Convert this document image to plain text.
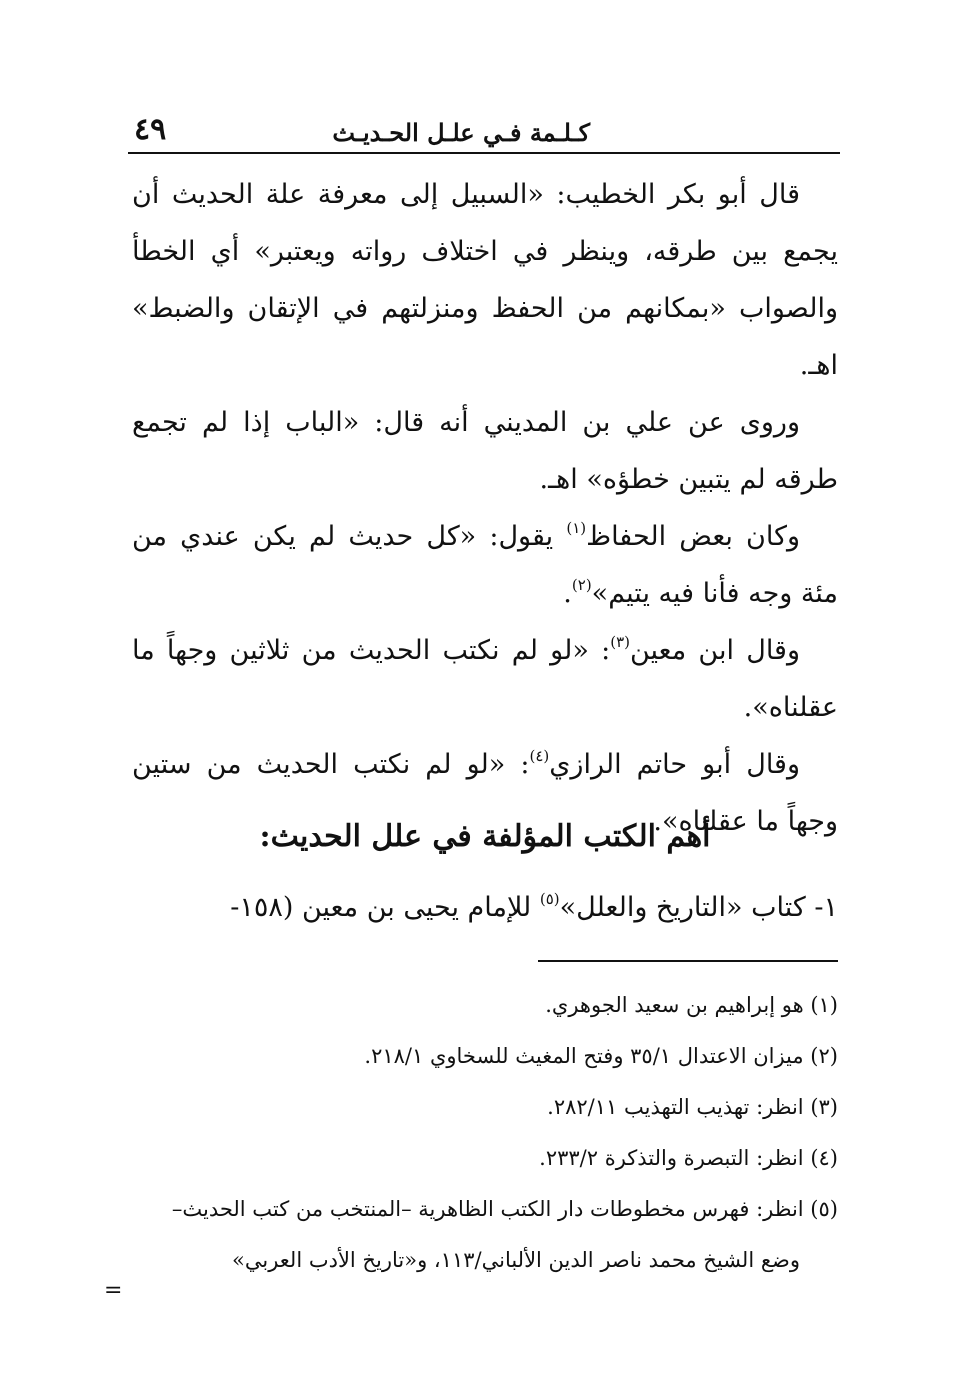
كـلـمة فـي علـل الحـديـث
٤٩

قال أبو بكر الخطيب: «السبيل إلى معرفة علة الحديث أن يجمع بين طرقه، وينظر في اختلاف رواته ويعتبر» أي الخطأ والصواب «بمكانهم من الحفظ ومنزلتهم في الإتقان والضبط» اهـ.

وروى عن علي بن المديني أنه قال: «الباب إذا لم تجمع طرقه لم يتبين خطؤه» اهـ.

وكان بعض الحفاظ$^{(١)}$ يقول: «كل حديث لم يكن عندي من مئة وجه فأنا فيه يتيم»$^{(٢)}$.

وقال ابن معين$^{(٣)}$: «لو لم نكتب الحديث من ثلاثين وجهاً ما عقلناه».

وقال أبو حاتم الرازي$^{(٤)}$: «لو لم نكتب الحديث من ستين وجهاً ما عقلناه».

أهم الكتب المؤلفة في علل الحديث:
١- كتاب «التاريخ والعلل»$^{(٥)}$ للإمام يحيى بن معين (١٥٨-

(١) هو إبراهيم بن سعيد الجوهري.

(٢) ميزان الاعتدال ٣٥/١ وفتح المغيث للسخاوي ٢١٨/١.

(٣) انظر: تهذيب التهذيب ٢٨٢/١١.

(٤) انظر: التبصرة والتذكرة ٢٣٣/٢.

(٥) انظر: فهرس مخطوطات دار الكتب الظاهرية –المنتخب من كتب الحديث–

وضع الشيخ محمد ناصر الدين الألباني/١١٣، و«تاريخ الأدب العربي»

=
